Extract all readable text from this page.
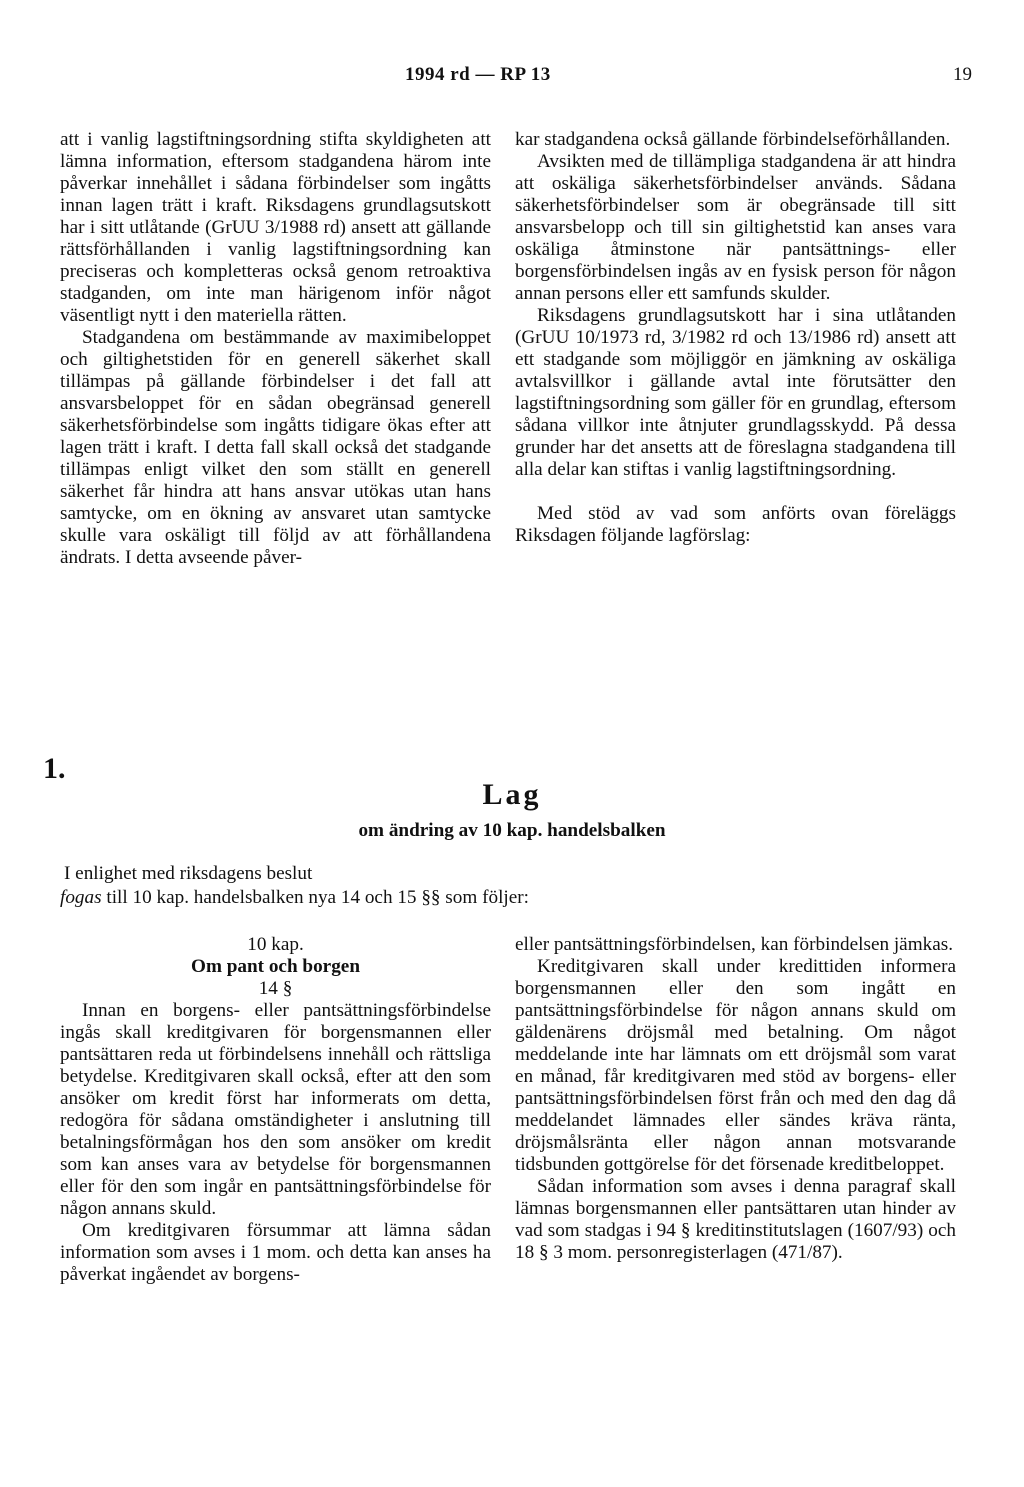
1994 rd — RP 13	19

att i vanlig lagstiftningsordning stifta skyldigheten att lämna information, eftersom stadgandena härom inte påverkar innehållet i sådana förbindelser som ingåtts innan lagen trätt i kraft. Riksdagens grundlagsutskott har i sitt utlåtande (GrUU 3/1988 rd) ansett att gällande rättsförhållanden i vanlig lagstiftningsordning kan preciseras och kompletteras också genom retroaktiva stadganden, om inte man härigenom inför något väsentligt nytt i den materiella rätten.

Stadgandena om bestämmande av maximibeloppet och giltighetstiden för en generell säkerhet skall tillämpas på gällande förbindelser i det fall att ansvarsbeloppet för en sådan obegränsad generell säkerhetsförbindelse som ingåtts tidigare ökas efter att lagen trätt i kraft. I detta fall skall också det stadgande tillämpas enligt vilket den som ställt en generell säkerhet får hindra att hans ansvar utökas utan hans samtycke, om en ökning av ansvaret utan samtycke skulle vara oskäligt till följd av att förhållandena ändrats. I detta avseende påver-

kar stadgandena också gällande förbindelseförhållanden.

Avsikten med de tillämpliga stadgandena är att hindra att oskäliga säkerhetsförbindelser används. Sådana säkerhetsförbindelser som är obegränsade till sitt ansvarsbelopp och till sin giltighetstid kan anses vara oskäliga åtminstone när pantsättnings- eller borgensförbindelsen ingås av en fysisk person för någon annan persons eller ett samfunds skulder.

Riksdagens grundlagsutskott har i sina utlåtanden (GrUU 10/1973 rd, 3/1982 rd och 13/1986 rd) ansett att ett stadgande som möjliggör en jämkning av oskäliga avtalsvillkor i gällande avtal inte förutsätter den lagstiftningsordning som gäller för en grundlag, eftersom sådana villkor inte åtnjuter grundlagsskydd. På dessa grunder har det ansetts att de föreslagna stadgandena till alla delar kan stiftas i vanlig lagstiftningsordning.

Med stöd av vad som anförts ovan föreläggs Riksdagen följande lagförslag:

1.
Lag
om ändring av 10 kap. handelsbalken

I enlighet med riksdagens beslut

fogas till 10 kap. handelsbalken nya 14 och 15 §§ som följer:

10 kap.

Om pant och borgen

14 §

Innan en borgens- eller pantsättningsförbindelse ingås skall kreditgivaren för borgensmannen eller pantsättaren reda ut förbindelsens innehåll och rättsliga betydelse. Kreditgivaren skall också, efter att den som ansöker om kredit först har informerats om detta, redogöra för sådana omständigheter i anslutning till betalningsförmågan hos den som ansöker om kredit som kan anses vara av betydelse för borgensmannen eller för den som ingår en pantsättningsförbindelse för någon annans skuld.

Om kreditgivaren försummar att lämna sådan information som avses i 1 mom. och detta kan anses ha påverkat ingåendet av borgens-

eller pantsättningsförbindelsen, kan förbindelsen jämkas.

Kreditgivaren skall under kredittiden informera borgensmannen eller den som ingått en pantsättningsförbindelse för någon annans skuld om gäldenärens dröjsmål med betalning. Om något meddelande inte har lämnats om ett dröjsmål som varat en månad, får kreditgivaren med stöd av borgens- eller pantsättningsförbindelsen först från och med den dag då meddelandet lämnades eller sändes kräva ränta, dröjsmålsränta eller någon annan motsvarande tidsbunden gottgörelse för det försenade kreditbeloppet.

Sådan information som avses i denna paragraf skall lämnas borgensmannen eller pantsättaren utan hinder av vad som stadgas i 94 § kreditinstitutslagen (1607/93) och 18 § 3 mom. personregisterlagen (471/87).
